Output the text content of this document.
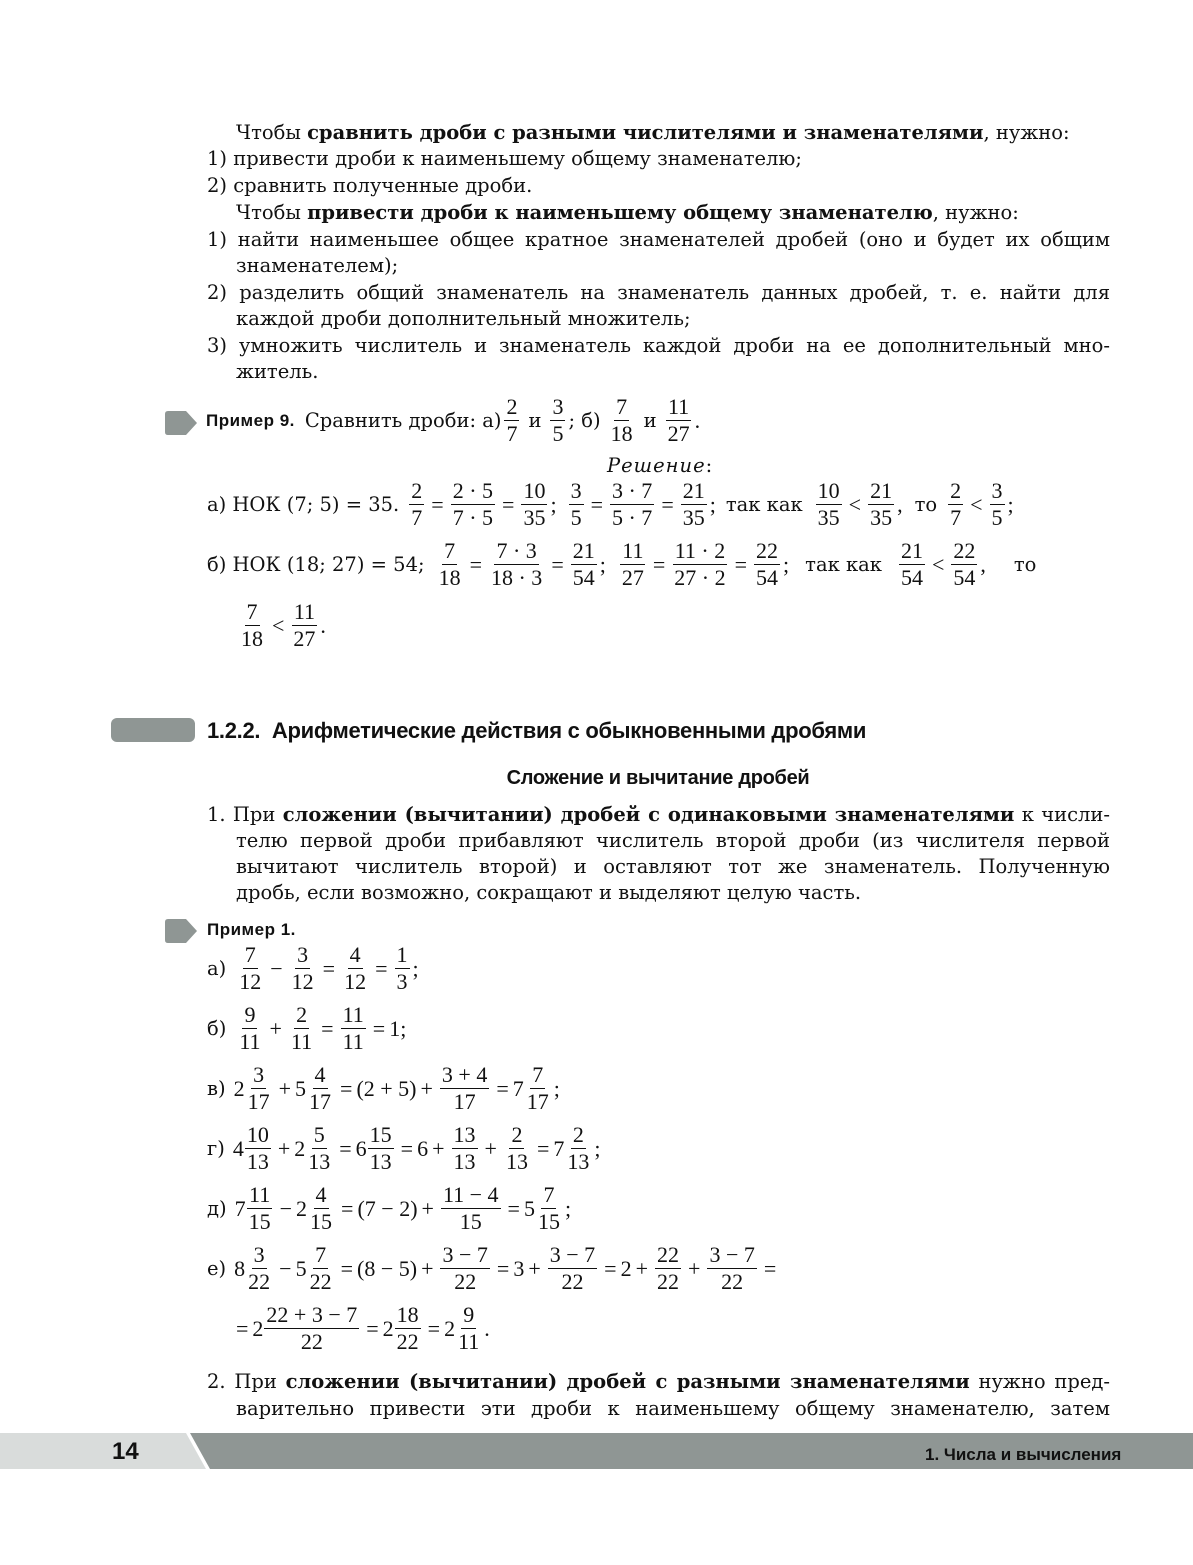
Чтобы сравнить дроби с разными числителями и знаменателями, нужно:
1) привести дроби к наименьшему общему знаменателю;
2) сравнить полученные дроби.
Чтобы привести дроби к наименьшему общему знаменателю, нужно:
1) найти наименьшее общее кратное знаменателей дробей (оно и будет их общим
знаменателем);
2) разделить общий знаменатель на знаменатель данных дробей, т. е. найти для
каждой дроби дополнительный множитель;
3) умножить числитель и знаменатель каждой дроби на ее дополнительный мно-
житель.
Пример 9. Сравнить дроби: а)
2
7
и
3
5
; б)
7
18
и
11
27
.
Решение:
а) НОК (7; 5) = 35. $\frac{2}{7} = \frac{2 \cdot 5}{7 \cdot 5} = \frac{10}{35}$ ; $\frac{3}{5} = \frac{3 \cdot 7}{5 \cdot 7} = \frac{21}{35}$ ; так как
10
35
<
21
35
, то
2
7
<
3
5
;
б) НОК (18; 27) = 54; $\frac{7}{18} = \frac{7 \cdot 3}{18 \cdot 3} = \frac{21}{54}$ ; $\frac{11}{27} = \frac{11 \cdot 2}{27 \cdot 2} = \frac{22}{54}$ ; так как
21
54
<
22
54
, то
7
18
<
11
27
.
1.2.2. Арифметические действия с обыкновенными дробями
Сложение и вычитание дробей
1. При сложении (вычитании) дробей с одинаковыми знаменателями к числи-
телю первой дроби прибавляют числитель второй дроби (из числителя первой
вычитают числитель второй) и оставляют тот же знаменатель. Полученную
дробь, если возможно, сокращают и выделяют целую часть.
Пример 1.
а)
7
12
− $\frac{3}{12} = \frac{4}{12} = \frac{1}{3}$ ;
б)
9
11
+ $\frac{2}{11} = \frac{11}{11} = 1$;
в) 2
3
17
+ $5 \frac{4}{17} = (2 + 5) + \frac{3 + 4}{17} = 7$
7
17
;
г) 4
10
13
+ $2 \frac{5}{13} = 6 \frac{15}{13} = 6 + \frac{13}{13} + \frac{2}{13} = 7$
2
13
;
д) 7
11
15
− $2 \frac{4}{15} = (7 - 2) + \frac{11 - 4}{15} = 5$
7
15
;
е) 8
3
22
− $5 \frac{7}{22} = (8 - 5) + \frac{3 - 7}{22} = 3 + \frac{3 - 7}{22} = 2 + \frac{22}{22} + \frac{3 - 7}{22}$ =
= $2 \frac{22 + 3 - 7}{22} = 2 \frac{18}{22} = 2$
9
11
.
2. При сложении (вычитании) дробей с разными знаменателями нужно пред-
варительно привести эти дроби к наименьшему общему знаменателю, затем
14	1. Числа и вычисления
